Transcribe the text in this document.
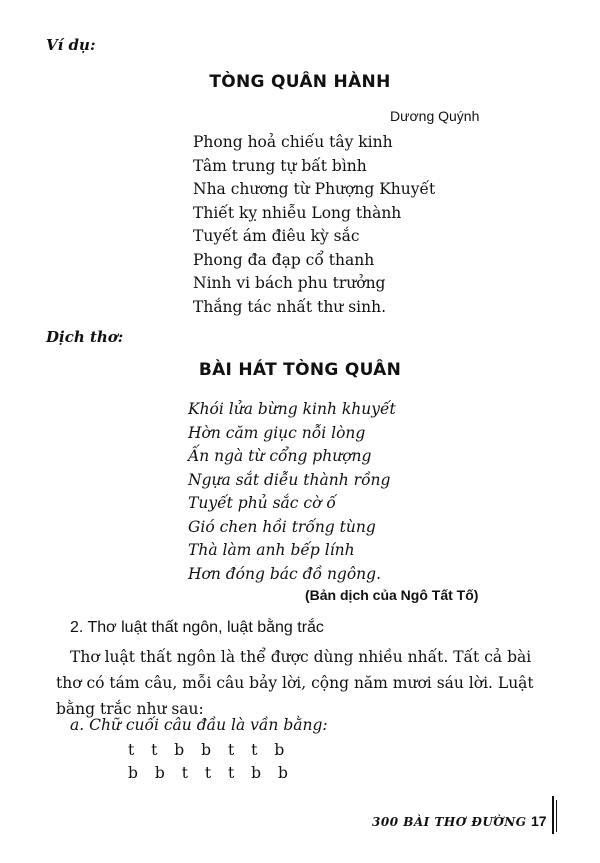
Ví dụ:
TÒNG QUÂN HÀNH
Dương Quýnh
Phong hoả chiếu tây kinh
Tâm trung tự bất bình
Nha chương từ Phượng Khuyết
Thiết kỵ nhiễu Long thành
Tuyết ám điêu kỳ sắc
Phong đa đạp cổ thanh
Ninh vi bách phu trưởng
Thắng tác nhất thư sinh.
Dịch thơ:
BÀI HÁT TÒNG QUÂN
Khói lửa bừng kinh khuyết
Hờn căm giục nỗi lòng
Ấn ngà từ cổng phượng
Ngựa sắt diễu thành rồng
Tuyết phủ sắc cờ ố
Gió chen hồi trống tùng
Thà làm anh bếp lính
Hơn đóng bác đồ ngông.
(Bản dịch của Ngô Tất Tố)
2. Thơ luật thất ngôn, luật bằng trắc
Thơ luật thất ngôn là thể được dùng nhiều nhất. Tất cả bài thơ có tám câu, mỗi câu bảy lời, cộng năm mươi sáu lời. Luật bằng trắc như sau:
a. Chữ cuối câu đầu là vần bằng:
t t b b t t b
b b t t t b b
300 BÀI THƠ ĐƯỜNG 17
